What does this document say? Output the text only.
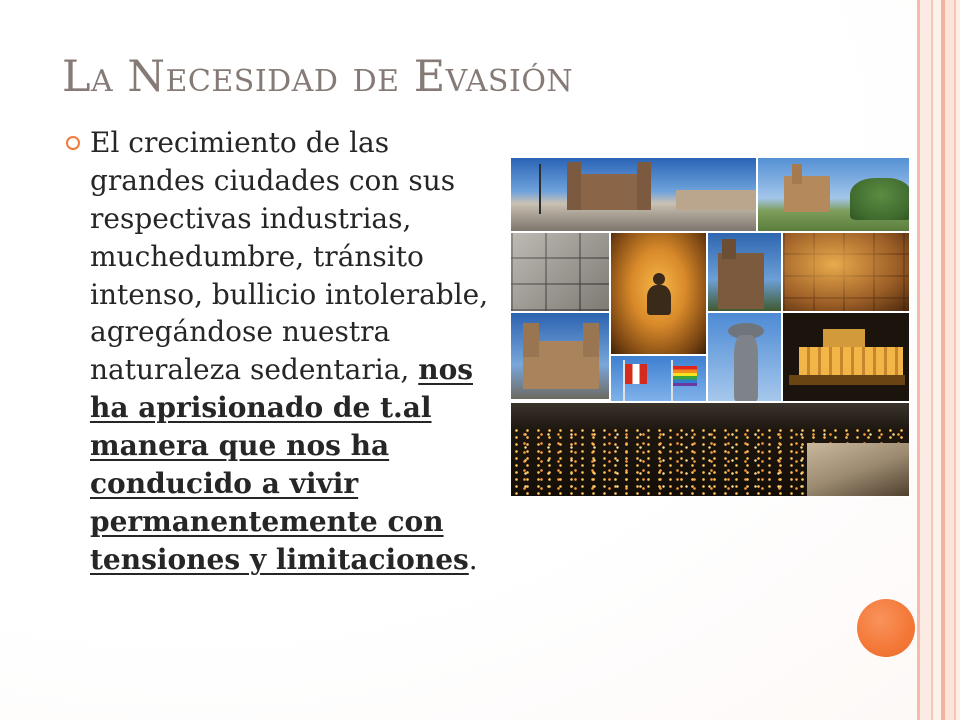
La Necesidad de Evasión
El crecimiento de las
grandes ciudades con sus
respectivas industrias,
muchedumbre, tránsito
intenso, bullicio intolerable,
agregándose nuestra
naturaleza sedentaria, nos
ha aprisionado de t.al
manera que nos ha
conducido a vivir
permanentemente con
tensiones y limitaciones.
